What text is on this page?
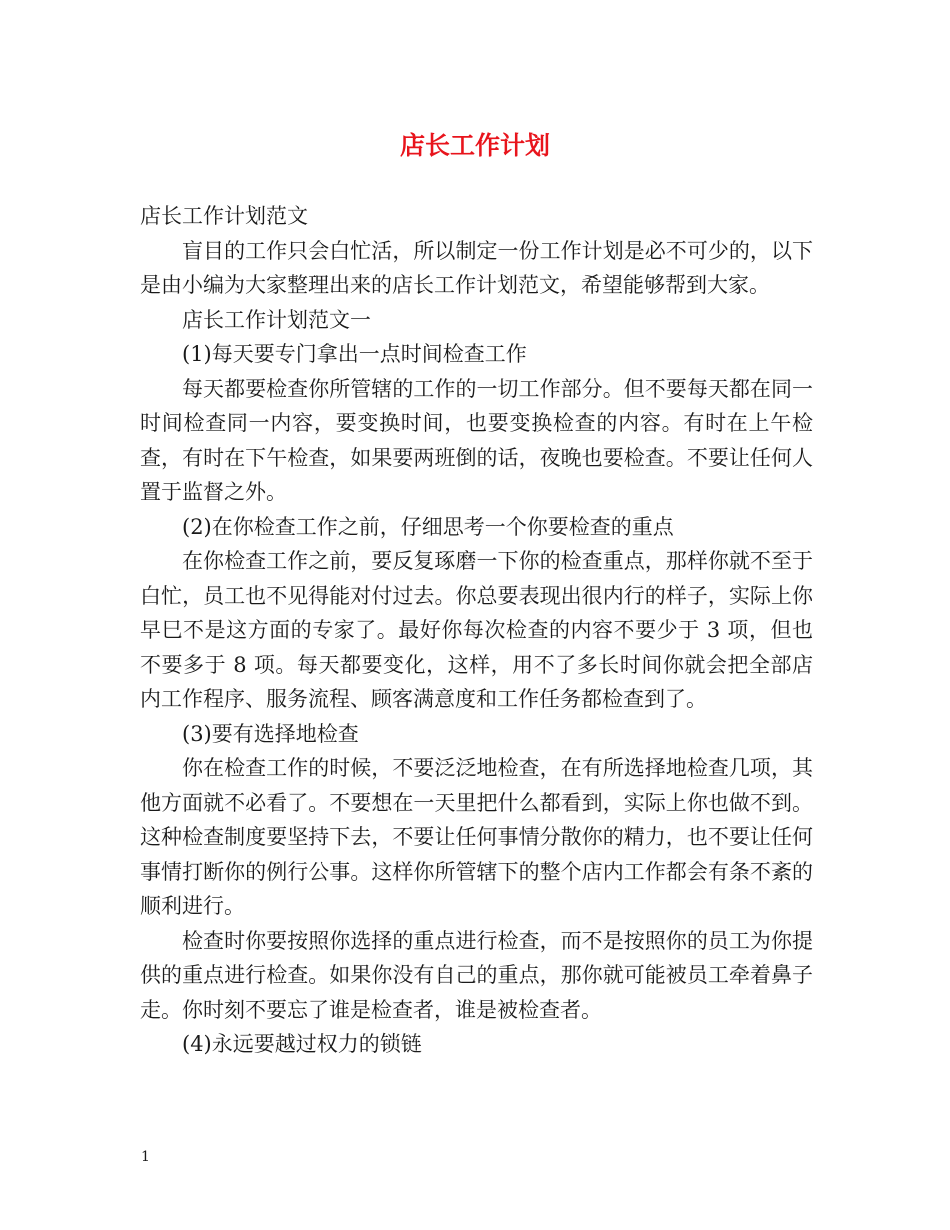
店长工作计划

店长工作计划范文

盲目的工作只会白忙活，所以制定一份工作计划是必不可少的，以下是由小编为大家整理出来的店长工作计划范文，希望能够帮到大家。

店长工作计划范文一

(1)每天要专门拿出一点时间检查工作

每天都要检查你所管辖的工作的一切工作部分。但不要每天都在同一时间检查同一内容，要变换时间，也要变换检查的内容。有时在上午检查，有时在下午检查，如果要两班倒的话，夜晚也要检查。不要让任何人置于监督之外。

(2)在你检查工作之前，仔细思考一个你要检查的重点

在你检查工作之前，要反复琢磨一下你的检查重点，那样你就不至于白忙，员工也不见得能对付过去。你总要表现出很内行的样子，实际上你早巳不是这方面的专家了。最好你每次检查的内容不要少于 3 项，但也不要多于 8 项。每天都要变化，这样，用不了多长时间你就会把全部店内工作程序、服务流程、顾客满意度和工作任务都检查到了。

(3)要有选择地检查

你在检查工作的时候，不要泛泛地检查，在有所选择地检查几项，其他方面就不必看了。不要想在一天里把什么都看到，实际上你也做不到。这种检查制度要坚持下去，不要让任何事情分散你的精力，也不要让任何事情打断你的例行公事。这样你所管辖下的整个店内工作都会有条不紊的顺利进行。

检查时你要按照你选择的重点进行检查，而不是按照你的员工为你提供的重点进行检查。如果你没有自己的重点，那你就可能被员工牵着鼻子走。你时刻不要忘了谁是检查者，谁是被检查者。

(4)永远要越过权力的锁链

1
